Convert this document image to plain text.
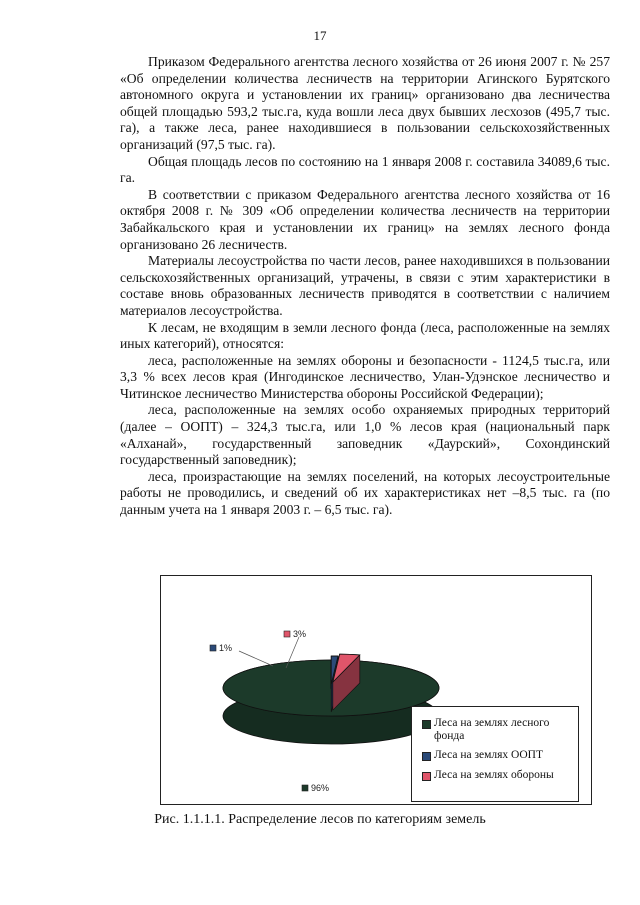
17

Приказом Федерального агентства лесного хозяйства от 26 июня 2007 г. № 257 «Об определении количества лесничеств на территории Агинского Бурятского автономного округа и установлении их границ» организовано два лесничества общей площадью 593,2 тыс.га, куда вошли леса двух бывших лесхозов (495,7 тыс. га), а также леса, ранее находившиеся в пользовании сельскохозяйственных организаций (97,5 тыс. га).

Общая площадь лесов по состоянию на 1 января 2008 г. составила 34089,6 тыс. га.

В соответствии с приказом Федерального агентства лесного хозяйства от 16 октября 2008 г. № 309 «Об определении количества лесничеств на территории Забайкальского края и установлении их границ» на землях лесного фонда организовано 26 лесничеств.

Материалы лесоустройства по части лесов, ранее находившихся в пользовании сельскохозяйственных организаций, утрачены, в связи с этим характеристики в составе вновь образованных лесничеств приводятся в соответствии с наличием материалов лесоустройства.

К лесам, не входящим в земли лесного фонда (леса, расположенные на землях иных категорий), относятся:

леса, расположенные на землях обороны и безопасности - 1124,5 тыс.га, или 3,3 % всех лесов края (Ингодинское лесничество, Улан-Удэнское лесничество и Читинское лесничество Министерства обороны Российской Федерации);

леса, расположенные на землях особо охраняемых природных территорий (далее – ООПТ) – 324,3 тыс.га, или 1,0 % лесов края (национальный парк «Алханай», государственный заповедник «Даурский», Сохондинский государственный заповедник);

леса, произрастающие на землях поселений, на которых лесоустроительные работы не проводились, и сведений об их характеристиках нет –8,5 тыс. га (по данным учета на 1 января 2003 г. – 6,5 тыс. га).

96%
1%
3%
Леса на землях лесного фонда
Леса на землях ООПТ
Леса на землях обороны
Рис. 1.1.1.1. Распределение лесов по категориям земель
